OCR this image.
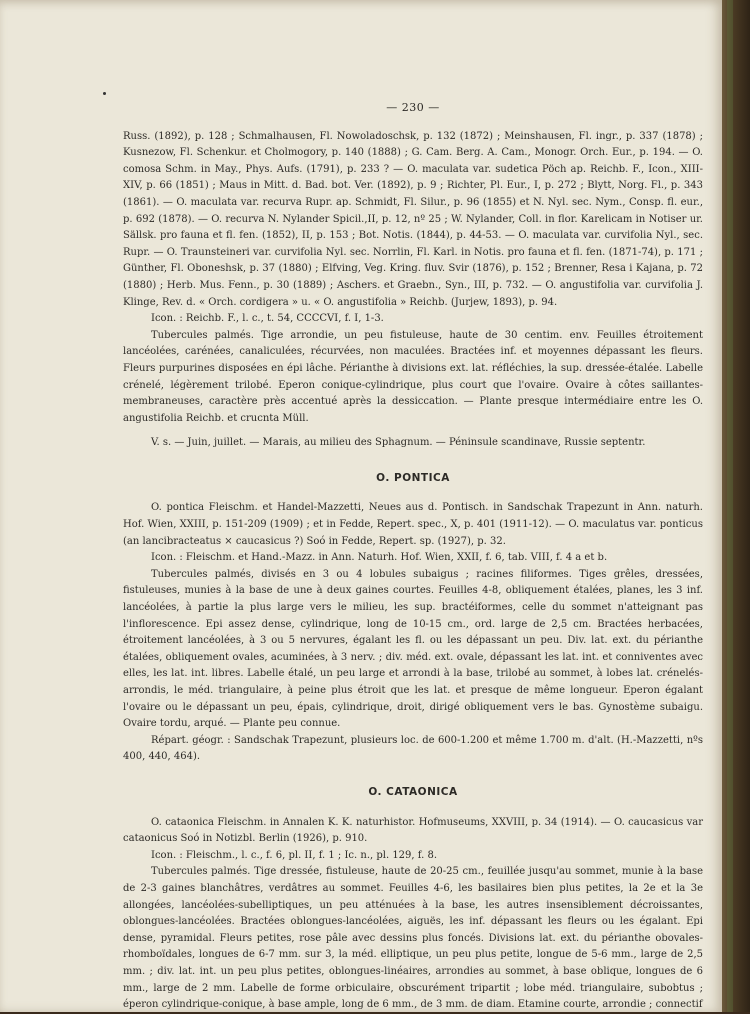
— 230 —

Russ. (1892), p. 128 ; Schmalhausen, Fl. Nowoladoschsk, p. 132 (1872) ; Meinshausen, Fl. ingr., p. 337 (1878) ; Kusnezow, Fl. Schenkur. et Cholmogory, p. 140 (1888) ; G. Cam. Berg. A. Cam., Monogr. Orch. Eur., p. 194. — O. comosa Schm. in May., Phys. Aufs. (1791), p. 233 ? — O. maculata var. sudetica Pöch ap. Reichb. F., Icon., XIII-XIV, p. 66 (1851) ; Maus in Mitt. d. Bad. bot. Ver. (1892), p. 9 ; Richter, Pl. Eur., I, p. 272 ; Blytt, Norg. Fl., p. 343 (1861). — O. maculata var. recurva Rupr. ap. Schmidt, Fl. Silur., p. 96 (1855) et N. Nyl. sec. Nym., Consp. fl. eur., p. 692 (1878). — O. recurva N. Nylander Spicil.,II, p. 12, nº 25 ; W. Nylander, Coll. in flor. Karelicam in Notiser ur. Sällsk. pro fauna et fl. fen. (1852), II, p. 153 ; Bot. Notis. (1844), p. 44-53. — O. maculata var. curvifolia Nyl., sec. Rupr. — O. Traunsteineri var. curvifolia Nyl. sec. Norrlin, Fl. Karl. in Notis. pro fauna et fl. fen. (1871-74), p. 171 ; Günther, Fl. Oboneshsk, p. 37 (1880) ; Elfving, Veg. Kring. fluv. Svir (1876), p. 152 ; Brenner, Resa i Kajana, p. 72 (1880) ; Herb. Mus. Fenn., p. 30 (1889) ; Aschers. et Graebn., Syn., III, p. 732. — O. angustifolia var. curvifolia J. Klinge, Rev. d. « Orch. cordigera » u. « O. angustifolia » Reichb. (Jurjew, 1893), p. 94.

Icon. : Reichb. F., l. c., t. 54, CCCCVI, f. I, 1-3.

Tubercules palmés. Tige arrondie, un peu fistuleuse, haute de 30 centim. env. Feuilles étroitement lancéolées, carénées, canaliculées, récurvées, non maculées. Bractées inf. et moyennes dépassant les fleurs. Fleurs purpurines disposées en épi lâche. Périanthe à divisions ext. lat. réfléchies, la sup. dressée-étalée. Labelle crénelé, légèrement trilobé. Eperon conique-cylindrique, plus court que l'ovaire. Ovaire à côtes saillantes-membraneuses, caractère près accentué après la dessiccation. — Plante presque intermédiaire entre les O. angustifolia Reichb. et crucnta Müll.

V. s. — Juin, juillet. — Marais, au milieu des Sphagnum. — Péninsule scandinave, Russie septentr.

O. PONTICA

O. pontica Fleischm. et Handel-Mazzetti, Neues aus d. Pontisch. in Sandschak Trapezunt in Ann. naturh. Hof. Wien, XXIII, p. 151-209 (1909) ; et in Fedde, Repert. spec., X, p. 401 (1911-12). — O. maculatus var. ponticus (an lancibracteatus × caucasicus ?) Soó in Fedde, Repert. sp. (1927), p. 32.

Icon. : Fleischm. et Hand.-Mazz. in Ann. Naturh. Hof. Wien, XXII, f. 6, tab. VIII, f. 4 a et b.

Tubercules palmés, divisés en 3 ou 4 lobules subaigus ; racines filiformes. Tiges grêles, dressées, fistuleuses, munies à la base de une à deux gaines courtes. Feuilles 4-8, obliquement étalées, planes, les 3 inf. lancéolées, à partie la plus large vers le milieu, les sup. bractéiformes, celle du sommet n'atteignant pas l'inflorescence. Epi assez dense, cylindrique, long de 10-15 cm., ord. large de 2,5 cm. Bractées herbacées, étroitement lancéolées, à 3 ou 5 nervures, égalant les fl. ou les dépassant un peu. Div. lat. ext. du périanthe étalées, obliquement ovales, acuminées, à 3 nerv. ; div. méd. ext. ovale, dépassant les lat. int. et conniventes avec elles, les lat. int. libres. Labelle étalé, un peu large et arrondi à la base, trilobé au sommet, à lobes lat. crénelés-arrondis, le méd. triangulaire, à peine plus étroit que les lat. et presque de même longueur. Eperon égalant l'ovaire ou le dépassant un peu, épais, cylindrique, droit, dirigé obliquement vers le bas. Gynostème subaigu. Ovaire tordu, arqué. — Plante peu connue.

Répart. géogr. : Sandschak Trapezunt, plusieurs loc. de 600-1.200 et même 1.700 m. d'alt. (H.-Mazzetti, nºs 400, 440, 464).

O. CATAONICA

O. cataonica Fleischm. in Annalen K. K. naturhistor. Hofmuseums, XXVIII, p. 34 (1914). — O. caucasicus var cataonicus Soó in Notizbl. Berlin (1926), p. 910.

Icon. : Fleischm., l. c., f. 6, pl. II, f. 1 ; Ic. n., pl. 129, f. 8.

Tubercules palmés. Tige dressée, fistuleuse, haute de 20-25 cm., feuillée jusqu'au sommet, munie à la base de 2-3 gaines blanchâtres, verdâtres au sommet. Feuilles 4-6, les basilaires bien plus petites, la 2e et la 3e allongées, lancéolées-subelliptiques, un peu atténuées à la base, les autres insensiblement décroissantes, oblongues-lancéolées. Bractées oblongues-lancéolées, aiguës, les inf. dépassant les fleurs ou les égalant. Epi dense, pyramidal. Fleurs petites, rose pâle avec dessins plus foncés. Divisions lat. ext. du périanthe obovales-rhomboïdales, longues de 6-7 mm. sur 3, la méd. elliptique, un peu plus petite, longue de 5-6 mm., large de 2,5 mm. ; div. lat. int. un peu plus petites, oblongues-linéaires, arrondies au sommet, à base oblique, longues de 6 mm., large de 2 mm. Labelle de forme orbiculaire, obscurément tripartit ; lobe méd. triangulaire, subobtus ; éperon cylindrique-conique, à base ample, long de 6 mm., de 3 mm. de diam. Etamine courte, arrondie ; connectif
